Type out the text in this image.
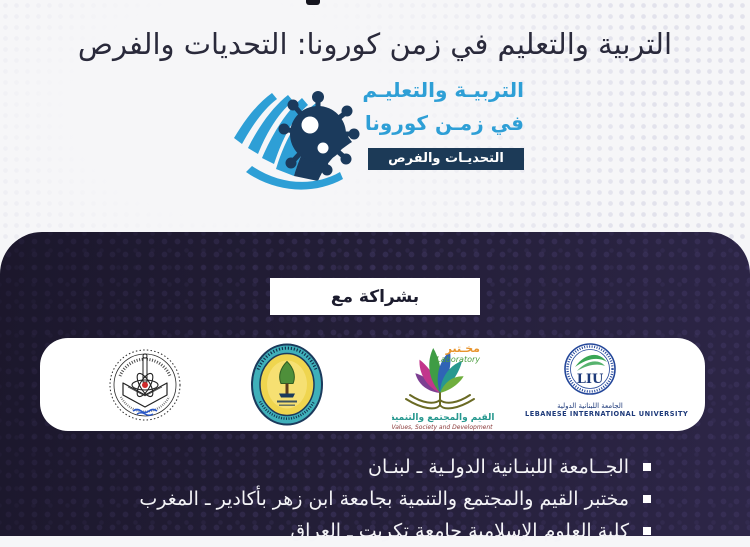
التربية والتعليم في زمن كورونا: التحديات والفرص
التربيـة والتعليـم
في زمـن كورونا
التحديـات والفرص
بشراكة مع
مخـتبر
Laboratory
القيم والمجتمع والتنمية
Values, Society and Development
LIU
الجامعة اللبنانية الدولية
LEBANESE INTERNATIONAL UNIVERSITY
الجــامعة اللبنـانية الدولـية ـ لبنـان
مختبر القيم والمجتمع والتنمية بجامعة ابن زهر بأكادير ـ المغرب
كلية العلوم الإسلامية جامعة تكريت ـ العراق
